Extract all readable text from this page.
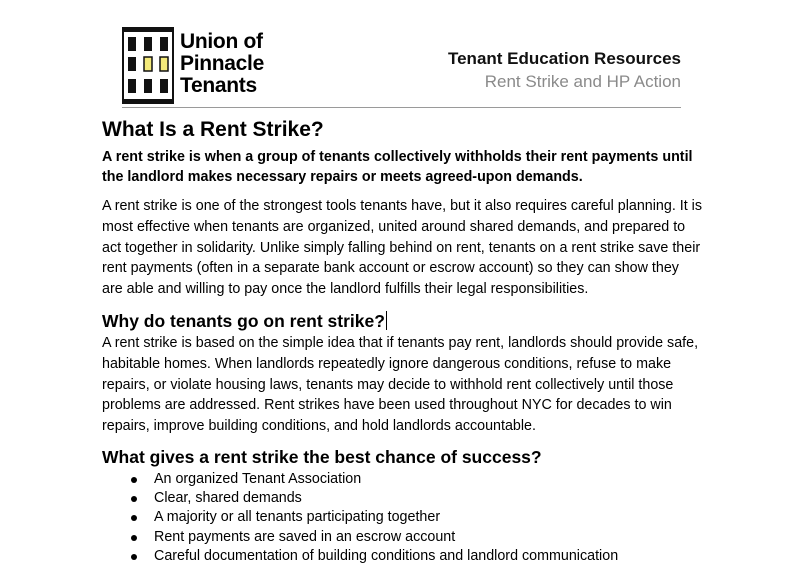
Union of
Pinnacle
Tenants
Tenant Education Resources
Rent Strike and HP Action
What Is a Rent Strike?

A rent strike is when a group of tenants collectively withholds their rent payments until the landlord makes necessary repairs or meets agreed-upon demands.

A rent strike is one of the strongest tools tenants have, but it also requires careful planning. It is most effective when tenants are organized, united around shared demands, and prepared to act together in solidarity. Unlike simply falling behind on rent, tenants on a rent strike save their rent payments (often in a separate bank account or escrow account) so they can show they are able and willing to pay once the landlord fulfills their legal responsibilities.

Why do tenants go on rent strike?

A rent strike is based on the simple idea that if tenants pay rent, landlords should provide safe, habitable homes. When landlords repeatedly ignore dangerous conditions, refuse to make repairs, or violate housing laws, tenants may decide to withhold rent collectively until those problems are addressed. Rent strikes have been used throughout NYC for decades to win repairs, improve building conditions, and hold landlords accountable.

What gives a rent strike the best chance of success?
An organized Tenant Association
Clear, shared demands
A majority or all tenants participating together
Rent payments are saved in an escrow account
Careful documentation of building conditions and landlord communication
